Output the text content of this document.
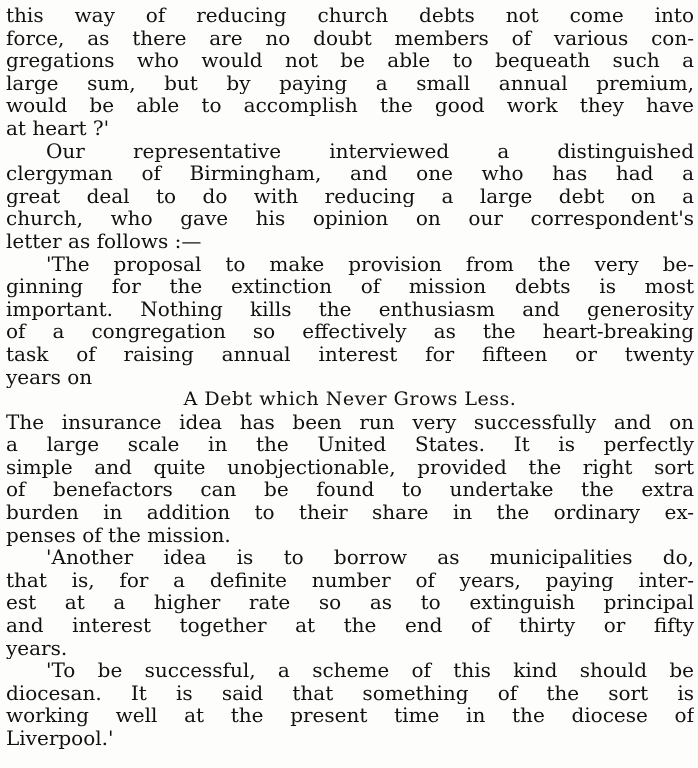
this way of reducing church debts not come into
force, as there are no doubt members of various con-
gregations who would not be able to bequeath such a
large sum, but by paying a small annual premium,
would be able to accomplish the good work they have
at heart ?'
Our representative interviewed a distinguished
clergyman of Birmingham, and one who has had a
great deal to do with reducing a large debt on a
church, who gave his opinion on our correspondent's
letter as follows :—
'The proposal to make provision from the very be-
ginning for the extinction of mission debts is most
important. Nothing kills the enthusiasm and generosity
of a congregation so effectively as the heart-breaking
task of raising annual interest for fifteen or twenty
years on
A Debt which Never Grows Less.
The insurance idea has been run very successfully and on
a large scale in the United States. It is perfectly
simple and quite unobjectionable, provided the right sort
of benefactors can be found to undertake the extra
burden in addition to their share in the ordinary ex-
penses of the mission.
'Another idea is to borrow as municipalities do,
that is, for a definite number of years, paying inter-
est at a higher rate so as to extinguish principal
and interest together at the end of thirty or fifty
years.
'To be successful, a scheme of this kind should be
diocesan. It is said that something of the sort is
working well at the present time in the diocese of
Liverpool.'
